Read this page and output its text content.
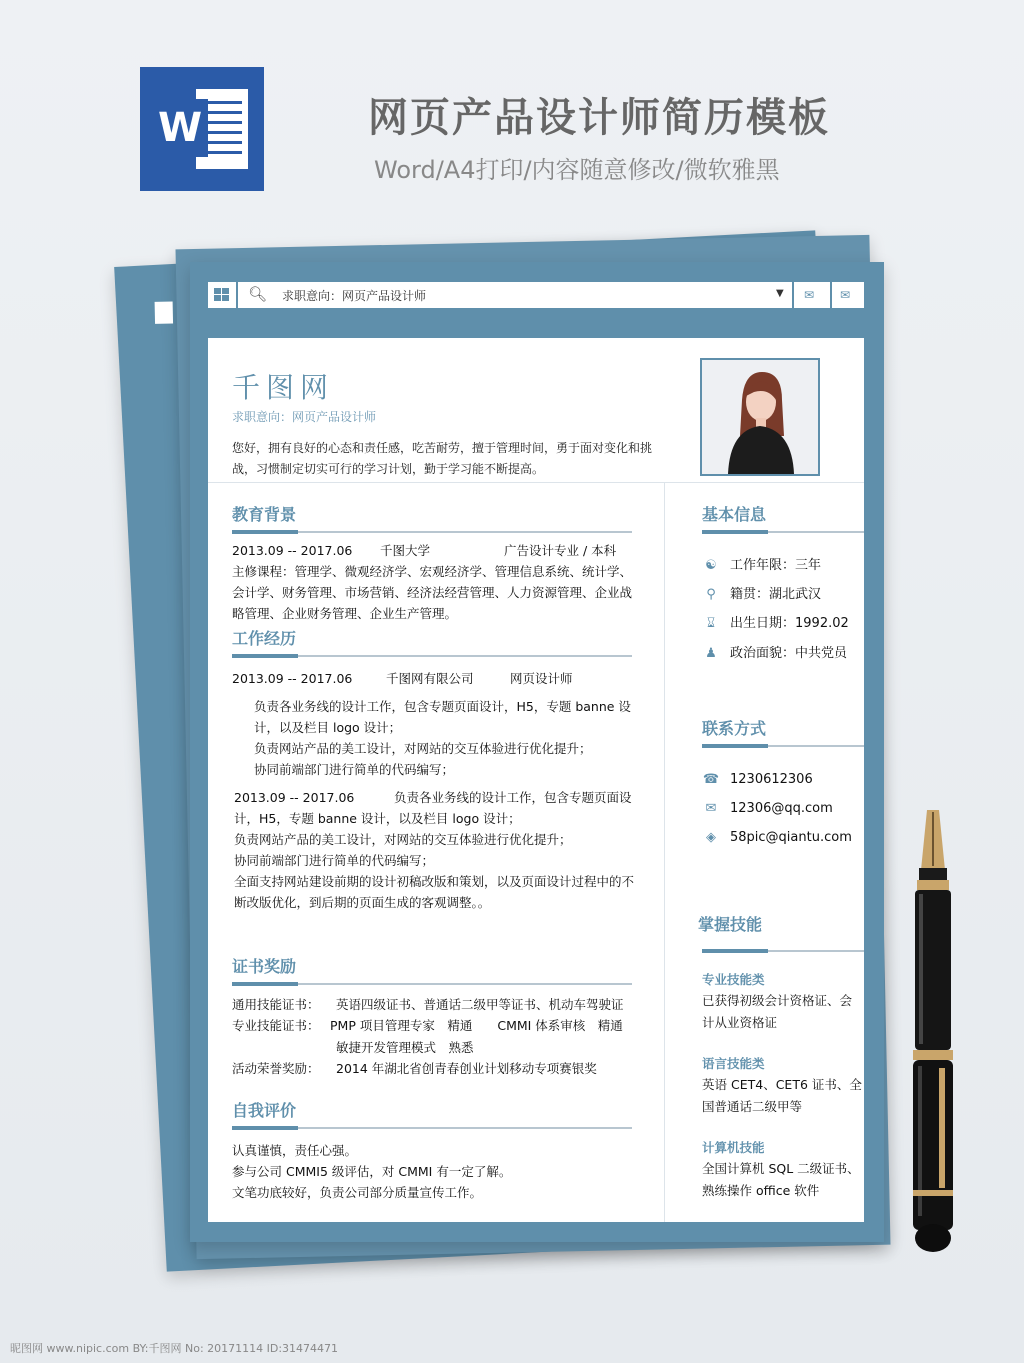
W	网页产品设计师简历模板
Word/A4打印/内容随意修改/微软雅黑
🔍︎ 求职意向：网页产品设计师	▼ ✉ ✉
千图网
求职意向：网页产品设计师
您好，拥有良好的心态和责任感，吃苦耐劳，擅于管理时间，勇于面对变化和挑战，习惯制定切实可行的学习计划，勤于学习能不断提高。
教育背景
2013.09 -- 2017.06 千图大学	广告设计专业 / 本科
主修课程：管理学、微观经济学、宏观经济学、管理信息系统、统计学、会计学、财务管理、市场营销、经济法经营管理、人力资源管理、企业战略管理、企业财务管理、企业生产管理。
工作经历
2013.09 -- 2017.06	千图网有限公司	网页设计师
负责各业务线的设计工作，包含专题页面设计，H5，专题 banne 设计，以及栏目 logo 设计；
负责网站产品的美工设计，对网站的交互体验进行优化提升；
协同前端部门进行简单的代码编写；
2013.09 -- 2017.06	负责各业务线的设计工作，包含专题页面设计，H5，专题 banne 设计，以及栏目 logo 设计；
负责网站产品的美工设计，对网站的交互体验进行优化提升；
协同前端部门进行简单的代码编写；
全面支持网站建设前期的设计初稿改版和策划，以及页面设计过程中的不断改版优化，到后期的页面生成的客观调整。。
证书奖励
通用技能证书： 英语四级证书、普通话二级甲等证书、机动车驾驶证
专业技能证书： PMP 项目管理专家　精通　　CMMI 体系审核　精通
敏捷开发管理模式　熟悉
活动荣誉奖励： 2014 年湖北省创青春创业计划移动专项赛银奖
自我评价
认真谨慎，责任心强。
参与公司 CMMI5 级评估，对 CMMI 有一定了解。
文笔功底较好，负责公司部分质量宣传工作。
基本信息
☯ 工作年限：三年
⚲ 籍贯：湖北武汉
⌛︎ 出生日期：1992.02
♟ 政治面貌：中共党员
联系方式
☎ 1230612306
✉ 12306@qq.com
◈ 58pic@qiantu.com
掌握技能
专业技能类
已获得初级会计资格证、会计从业资格证
语言技能类
英语 CET4、CET6 证书、全国普通话二级甲等
计算机技能
全国计算机 SQL 二级证书、熟练操作 office 软件
昵图网 www.nipic.com BY:千图网 No: 20171114 ID:31474471
